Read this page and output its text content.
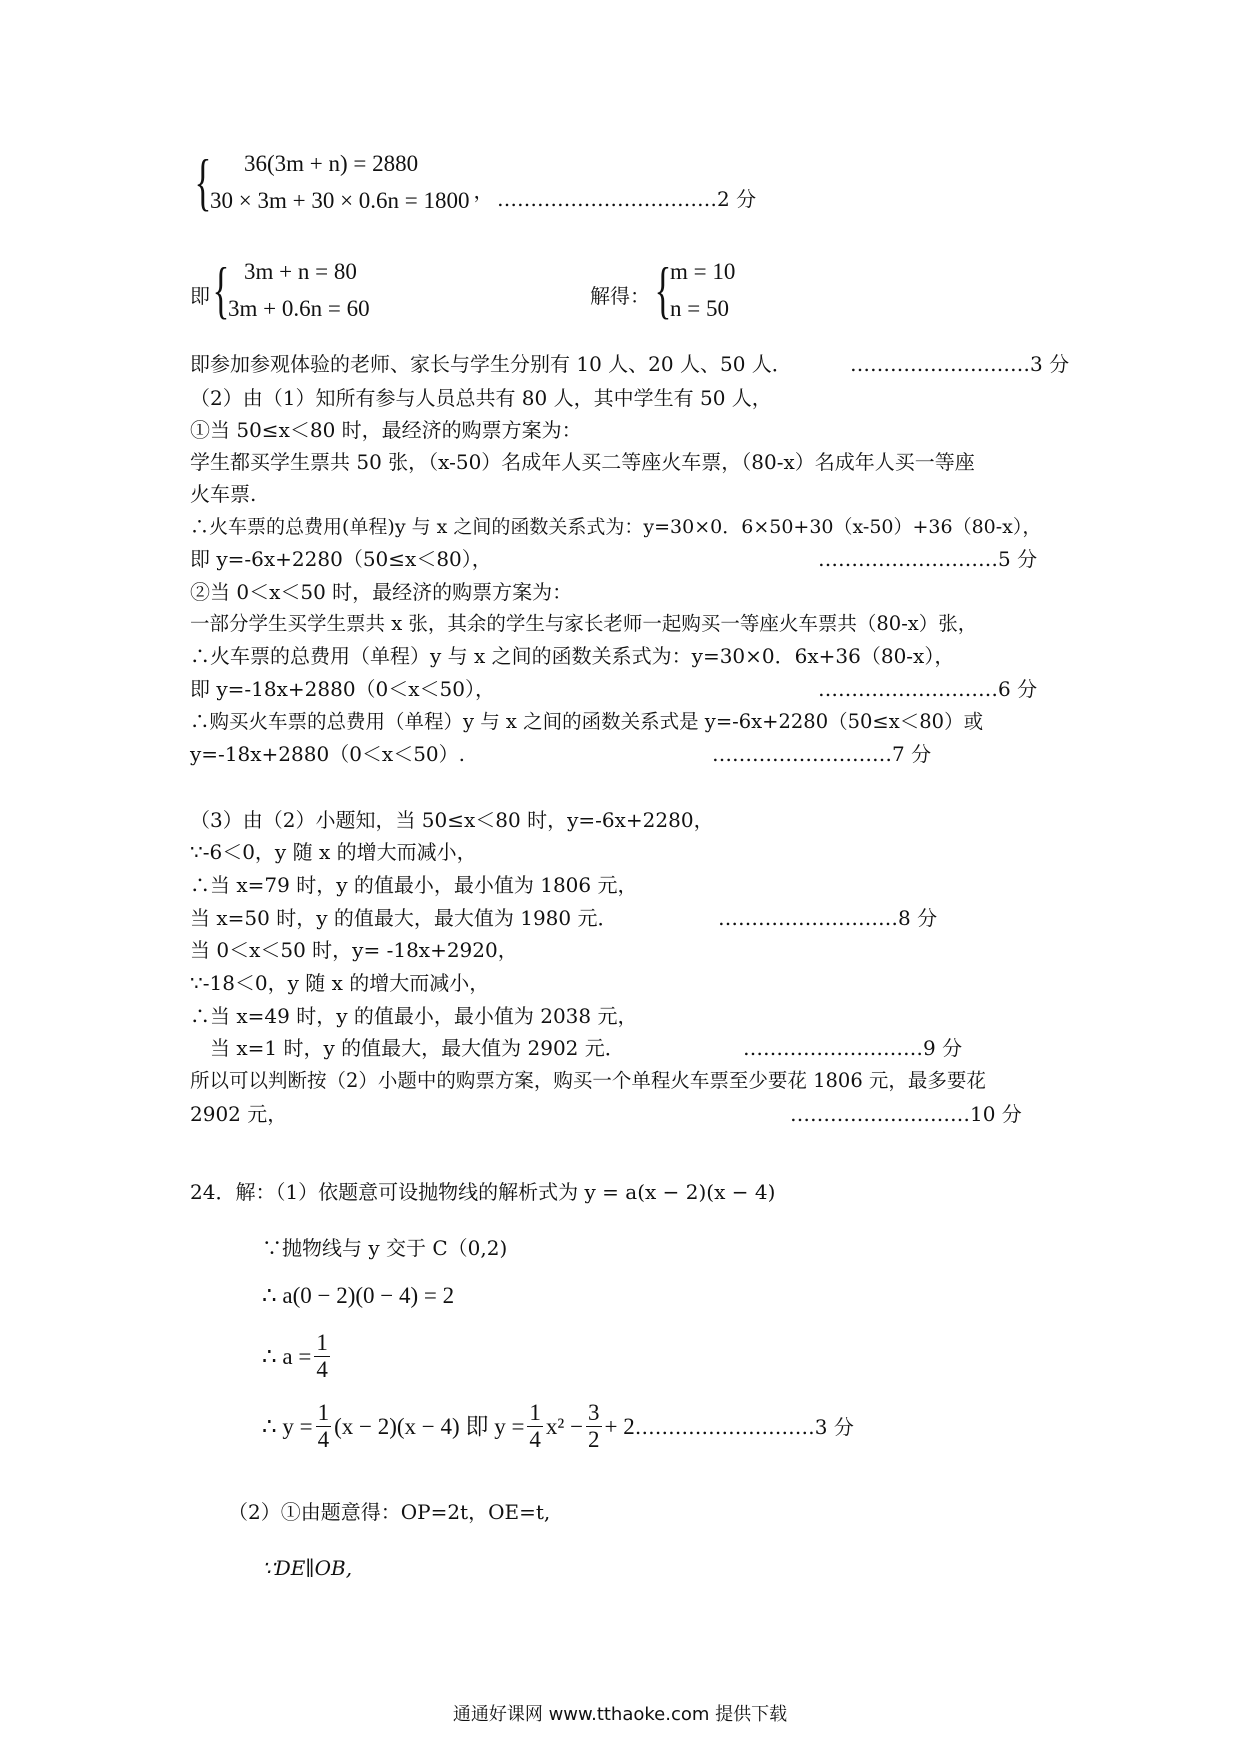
{	36(3m + n) = 2880
30 × 3m + 30 × 0.6n = 1800 ， ……………………………2 分
即 { 3m + n = 80
3m + 0.6n = 60	解得： {
m = 10
n = 50
即参加参观体验的老师、家长与学生分别有 10 人、20 人、50 人．	………………………3 分
（2）由（1）知所有参与人员总共有 80 人，其中学生有 50 人，
①当 50≤x＜80 时，最经济的购票方案为：
学生都买学生票共 50 张，（x-50）名成年人买二等座火车票，（80-x）名成年人买一等座
火车票.
∴火车票的总费用(单程)y 与 x 之间的函数关系式为：y=30×0．6×50+30（x-50）+36（80-x），
即 y=-6x+2280（50≤x＜80），	………………………5 分
②当 0＜x＜50 时，最经济的购票方案为：
一部分学生买学生票共 x 张，其余的学生与家长老师一起购买一等座火车票共（80-x）张，
∴火车票的总费用（单程）y 与 x 之间的函数关系式为：y=30×0．6x+36（80-x），
即 y=-18x+2880（0＜x＜50），	………………………6 分
∴购买火车票的总费用（单程）y 与 x 之间的函数关系式是 y=-6x+2280（50≤x＜80）或
y=-18x+2880（0＜x＜50）.	………………………7 分
（3）由（2）小题知，当 50≤x＜80 时，y=-6x+2280，
∵-6＜0，y 随 x 的增大而减小，
∴当 x=79 时，y 的值最小，最小值为 1806 元，
当 x=50 时，y 的值最大，最大值为 1980 元．	………………………8 分
当 0＜x＜50 时，y= -18x+2920，
∵-18＜0，y 随 x 的增大而减小，
∴当 x=49 时，y 的值最小，最小值为 2038 元，
当 x=1 时，y 的值最大，最大值为 2902 元．	………………………9 分
所以可以判断按（2）小题中的购票方案，购买一个单程火车票至少要花 1806 元，最多要花
2902 元，	………………………10 分
24．解：（1）依题意可设抛物线的解析式为 y = a(x − 2)(x − 4)
∵抛物线与 y 交于 C（0,2)
∴ a(0 − 2)(0 − 4) = 2
∴ $a = \frac{1}{4}$
∴ $y = \frac{1}{4} (x - 2)(x - 4)$ 即 $y = \frac{1}{4} x^2 - \frac{3}{2} + 2$ ………………………3 分
（2）①由题意得：OP=2t，OE=t,
∵DE∥OB,
通通好课网 www.tthaoke.com 提供下载
